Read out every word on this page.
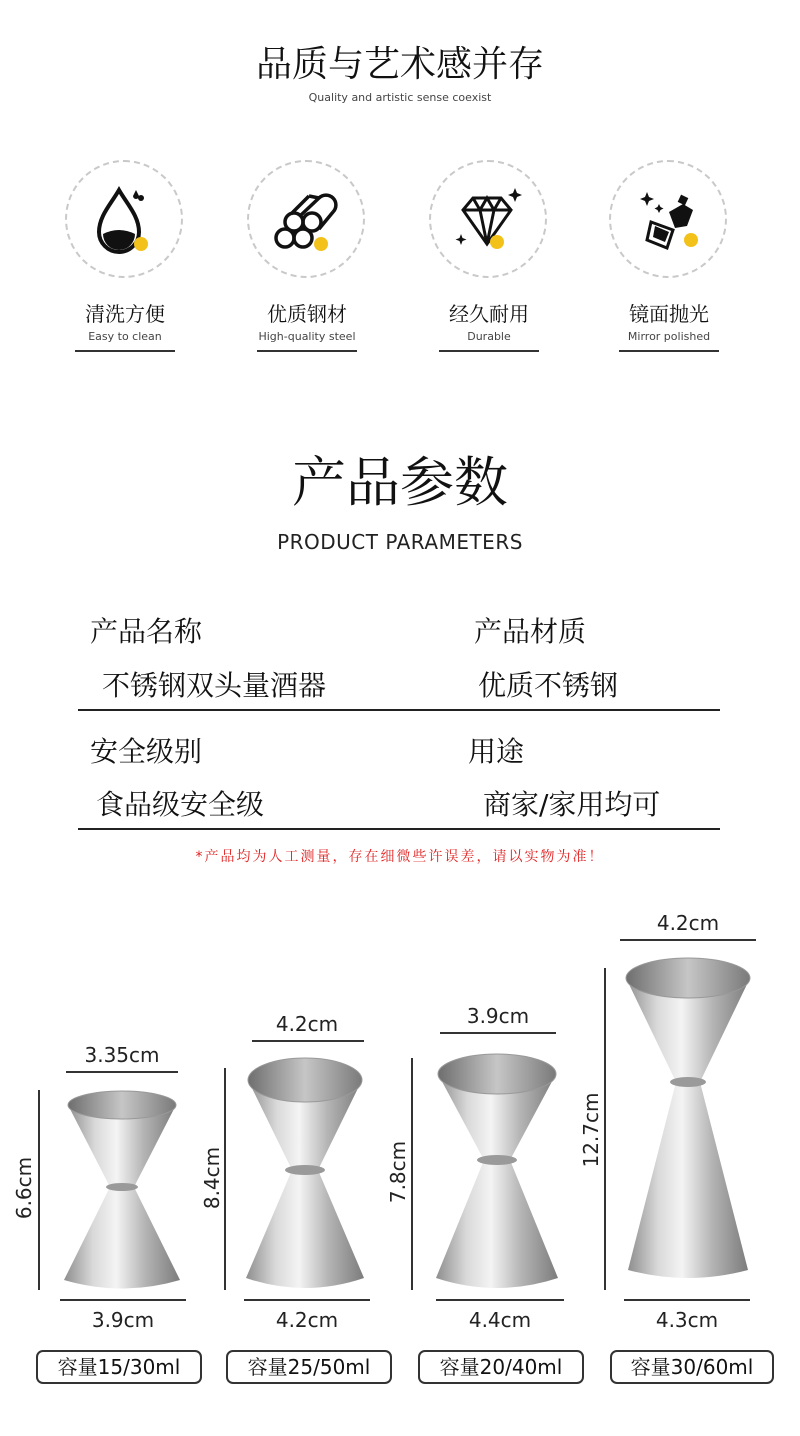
品质与艺术感并存
Quality and artistic sense coexist
清洗方便
Easy to clean
优质钢材
High-quality steel
经久耐用
Durable
镜面抛光
Mirror polished
产品参数
PRODUCT PARAMETERS
产品名称	产品材质
不锈钢双头量酒器	优质不锈钢
安全级别	用途
食品级安全级	商家/家用均可
*产品均为人工测量，存在细微些许误差，请以实物为准！
3.35cm
6.6cm
3.9cm
容量15/30ml
4.2cm
8.4cm
4.2cm
容量25/50ml
3.9cm
7.8cm
4.4cm
容量20/40ml
4.2cm
12.7cm
4.3cm
容量30/60ml
